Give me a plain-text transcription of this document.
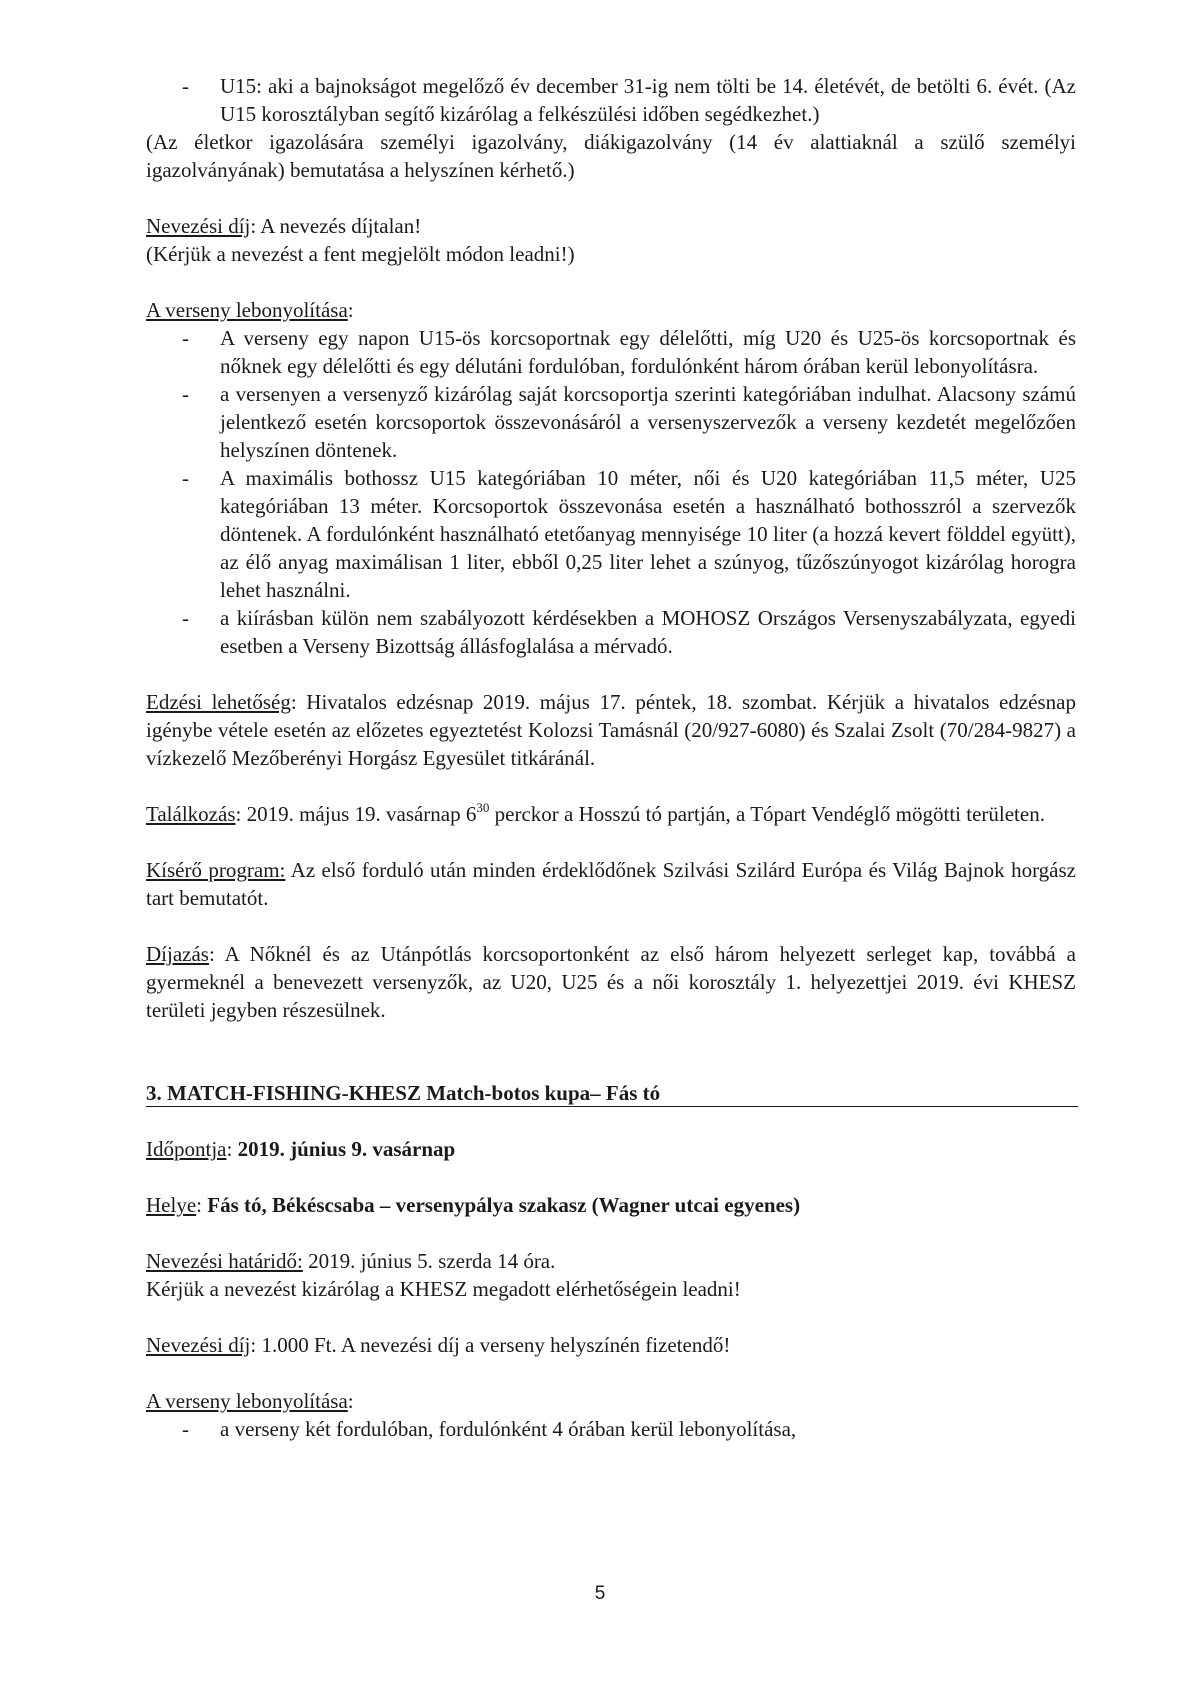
- U15: aki a bajnokságot megelőző év december 31-ig nem tölti be 14. életévét, de betölti 6. évét. (Az U15 korosztályban segítő kizárólag a felkészülési időben segédkezhet.)

(Az életkor igazolására személyi igazolvány, diákigazolvány (14 év alattiaknál a szülő személyi igazolványának) bemutatása a helyszínen kérhető.)

Nevezési díj: A nevezés díjtalan!

(Kérjük a nevezést a fent megjelölt módon leadni!)

A verseny lebonyolítása:

- A verseny egy napon U15-ös korcsoportnak egy délelőtti, míg U20 és U25-ös korcsoportnak és nőknek egy délelőtti és egy délutáni fordulóban, fordulónként három órában kerül lebonyolításra.
- a versenyen a versenyző kizárólag saját korcsoportja szerinti kategóriában indulhat. Alacsony számú jelentkező esetén korcsoportok összevonásáról a versenyszervezők a verseny kezdetét megelőzően helyszínen döntenek.
- A maximális bothossz U15 kategóriában 10 méter, női és U20 kategóriában 11,5 méter, U25 kategóriában 13 méter. Korcsoportok összevonása esetén a használható bothosszról a szervezők döntenek. A fordulónként használható etetőanyag mennyisége 10 liter (a hozzá kevert földdel együtt), az élő anyag maximálisan 1 liter, ebből 0,25 liter lehet a szúnyog, tűzőszúnyogot kizárólag horogra lehet használni.
- a kiírásban külön nem szabályozott kérdésekben a MOHOSZ Országos Versenyszabályzata, egyedi esetben a Verseny Bizottság állásfoglalása a mérvadó.

Edzési lehetőség: Hivatalos edzésnap 2019. május 17. péntek, 18. szombat. Kérjük a hivatalos edzésnap igénybe vétele esetén az előzetes egyeztetést Kolozsi Tamásnál (20/927-6080) és Szalai Zsolt (70/284-9827) a vízkezelő Mezőberényi Horgász Egyesület titkáránál.

Találkozás: 2019. május 19. vasárnap $6^{30}$ perckor a Hosszú tó partján, a Tópart Vendéglő mögötti területen.

Kísérő program: Az első forduló után minden érdeklődőnek Szilvási Szilárd Európa és Világ Bajnok horgász tart bemutatót.

Díjazás: A Nőknél és az Utánpótlás korcsoportonként az első három helyezett serleget kap, továbbá a gyermeknél a benevezett versenyzők, az U20, U25 és a női korosztály 1. helyezettjei 2019. évi KHESZ területi jegyben részesülnek.

3. MATCH-FISHING-KHESZ Match-botos kupa– Fás tó

Időpontja: 2019. június 9. vasárnap

Helye: Fás tó, Békéscsaba – versenypálya szakasz (Wagner utcai egyenes)

Nevezési határidő: 2019. június 5. szerda 14 óra.

Kérjük a nevezést kizárólag a KHESZ megadott elérhetőségein leadni!

Nevezési díj: 1.000 Ft. A nevezési díj a verseny helyszínén fizetendő!

A verseny lebonyolítása:

- a verseny két fordulóban, fordulónként 4 órában kerül lebonyolítása,
5
